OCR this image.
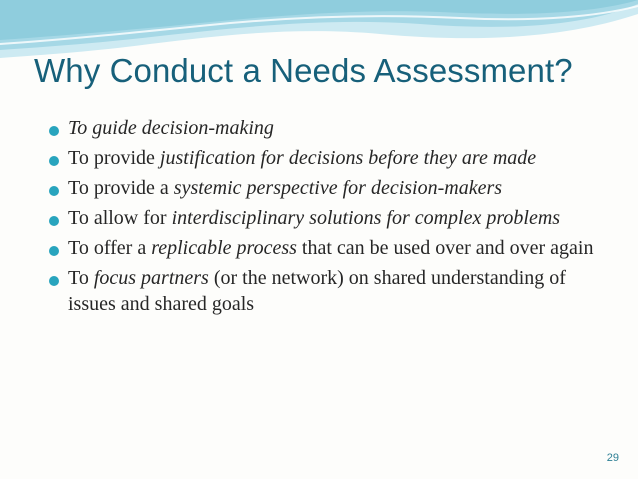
Why Conduct a Needs Assessment?
To guide decision-making
To provide justification for decisions before they are made
To provide a systemic perspective for decision-makers
To allow for interdisciplinary solutions for complex problems
To offer a replicable process that can be used over and over again
To focus partners (or the network) on shared understanding of issues and shared goals
29
